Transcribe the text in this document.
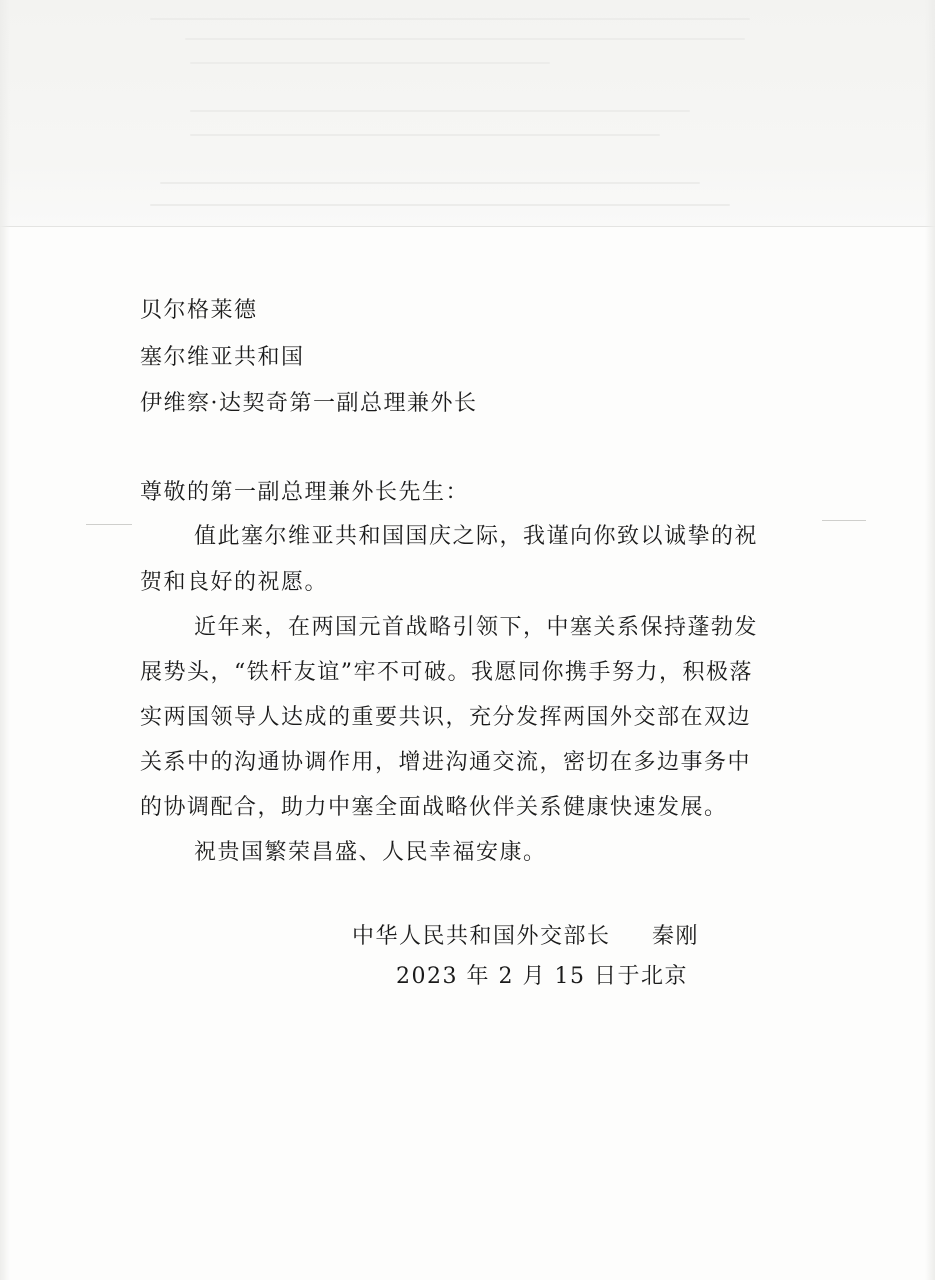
贝尔格莱德
塞尔维亚共和国
伊维察·达契奇第一副总理兼外长
尊敬的第一副总理兼外长先生：
值此塞尔维亚共和国国庆之际，我谨向你致以诚挚的祝
贺和良好的祝愿。
近年来，在两国元首战略引领下，中塞关系保持蓬勃发
展势头，“铁杆友谊”牢不可破。我愿同你携手努力，积极落
实两国领导人达成的重要共识，充分发挥两国外交部在双边
关系中的沟通协调作用，增进沟通交流，密切在多边事务中
的协调配合，助力中塞全面战略伙伴关系健康快速发展。
祝贵国繁荣昌盛、人民幸福安康。
中华人民共和国外交部长 秦刚
2023 年 2 月 15 日于北京
